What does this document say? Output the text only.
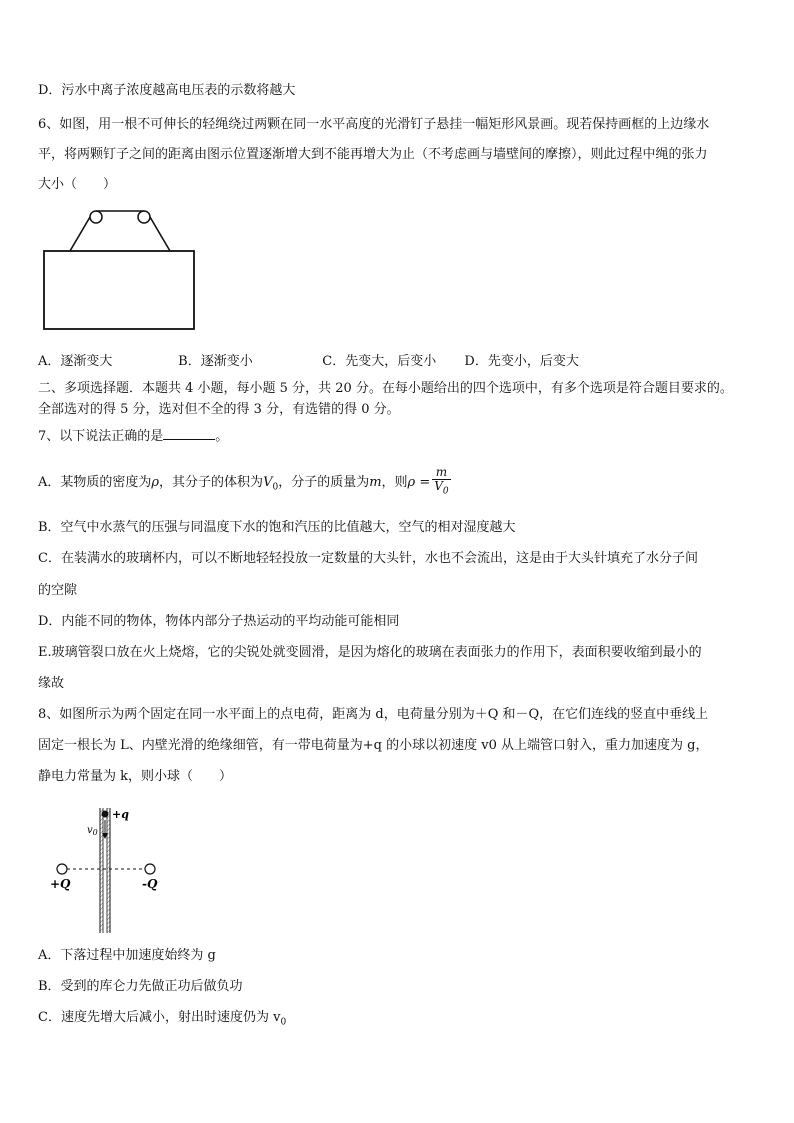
D．污水中离子浓度越高电压表的示数将越大
6、如图，用一根不可伸长的轻绳绕过两颗在同一水平高度的光滑钉子悬挂一幅矩形风景画。现若保持画框的上边缘水
平，将两颗钉子之间的距离由图示位置逐渐增大到不能再增大为止（不考虑画与墙壁间的摩擦），则此过程中绳的张力
大小（　　）
A．逐渐变大	B．逐渐变小	C．先变大，后变小 D．先变小，后变大
二、多项选择题．本题共 4 小题，每小题 5 分，共 20 分。在每小题给出的四个选项中，有多个选项是符合题目要求的。
全部选对的得 5 分，选对但不全的得 3 分，有选错的得 0 分。
7、以下说法正确的是	。
A．某物质的密度为ρ，其分子的体积为$V_0$，分子的质量为m，则$\rho = \frac{m}{V_0}$
B．空气中水蒸气的压强与同温度下水的饱和汽压的比值越大，空气的相对湿度越大
C．在装满水的玻璃杯内，可以不断地轻轻投放一定数量的大头针，水也不会流出，这是由于大头针填充了水分子间
的空隙
D．内能不同的物体，物体内部分子热运动的平均动能可能相同
E.玻璃管裂口放在火上烧熔，它的尖锐处就变圆滑，是因为熔化的玻璃在表面张力的作用下，表面积要收缩到最小的
缘故
8、如图所示为两个固定在同一水平面上的点电荷，距离为 d，电荷量分别为＋Q 和－Q，在它们连线的竖直中垂线上
固定一根长为 L、内壁光滑的绝缘细管，有一带电荷量为+q 的小球以初速度 v0 从上端管口射入，重力加速度为 g，
静电力常量为 k，则小球（　　）
+q
$v_0$
+Q	-Q
A．下落过程中加速度始终为 g
B．受到的库仑力先做正功后做负功
C．速度先增大后减小，射出时速度仍为 $v_0$
